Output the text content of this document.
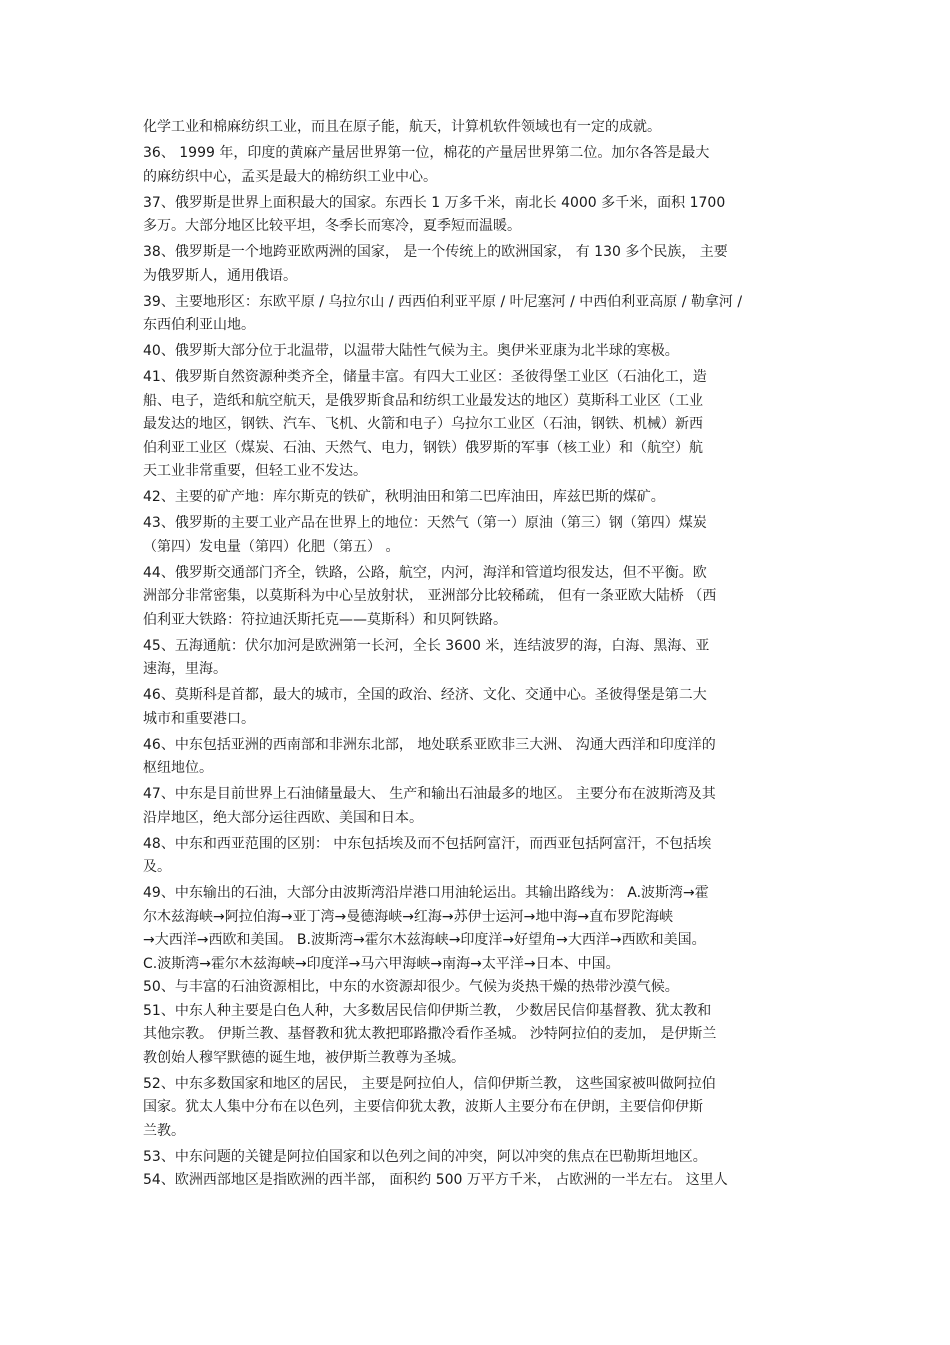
化学工业和棉麻纺织工业，而且在原子能，航天，计算机软件领域也有一定的成就。
36、 1999 年，印度的黄麻产量居世界第一位，棉花的产量居世界第二位。加尔各答是最大
的麻纺织中心，孟买是最大的棉纺织工业中心。
37、俄罗斯是世界上面积最大的国家。东西长 1 万多千米，南北长 4000 多千米，面积 1700
多万。大部分地区比较平坦，冬季长而寒冷，夏季短而温暖。
38、俄罗斯是一个地跨亚欧两洲的国家， 是一个传统上的欧洲国家， 有 130 多个民族， 主要
为俄罗斯人，通用俄语。
39、主要地形区：东欧平原 / 乌拉尔山 / 西西伯利亚平原 / 叶尼塞河 / 中西伯利亚高原 / 勒拿河 /
东西伯利亚山地。
40、俄罗斯大部分位于北温带，以温带大陆性气候为主。奥伊米亚康为北半球的寒极。
41、俄罗斯自然资源种类齐全，储量丰富。有四大工业区：圣彼得堡工业区（石油化工，造
船、电子，造纸和航空航天，是俄罗斯食品和纺织工业最发达的地区）莫斯科工业区（工业
最发达的地区，钢铁、汽车、飞机、火箭和电子）乌拉尔工业区（石油，钢铁、机械）新西
伯利亚工业区（煤炭、石油、天然气、电力，钢铁）俄罗斯的军事（核工业）和（航空）航
天工业非常重要，但轻工业不发达。
42、主要的矿产地：库尔斯克的铁矿，秋明油田和第二巴库油田，库兹巴斯的煤矿。
43、俄罗斯的主要工业产品在世界上的地位：天然气（第一）原油（第三）钢（第四）煤炭
（第四）发电量（第四）化肥（第五） 。
44、俄罗斯交通部门齐全，铁路，公路，航空，内河，海洋和管道均很发达，但不平衡。欧
洲部分非常密集，以莫斯科为中心呈放射状， 亚洲部分比较稀疏， 但有一条亚欧大陆桥 （西
伯利亚大铁路：符拉迪沃斯托克——莫斯科）和贝阿铁路。
45、五海通航：伏尔加河是欧洲第一长河，全长 3600 米，连结波罗的海，白海、黑海、亚
速海，里海。
46、莫斯科是首都，最大的城市，全国的政治、经济、文化、交通中心。圣彼得堡是第二大
城市和重要港口。
46、中东包括亚洲的西南部和非洲东北部， 地处联系亚欧非三大洲、 沟通大西洋和印度洋的
枢纽地位。
47、中东是目前世界上石油储量最大、 生产和输出石油最多的地区。 主要分布在波斯湾及其
沿岸地区，绝大部分运往西欧、美国和日本。
48、中东和西亚范围的区别： 中东包括埃及而不包括阿富汗，而西亚包括阿富汗，不包括埃
及。
49、中东输出的石油，大部分由波斯湾沿岸港口用油轮运出。其输出路线为： A.波斯湾→霍
尔木兹海峡→阿拉伯海→亚丁湾→曼德海峡→红海→苏伊士运河→地中海→直布罗陀海峡
→大西洋→西欧和美国。 B.波斯湾→霍尔木兹海峡→印度洋→好望角→大西洋→西欧和美国。
C.波斯湾→霍尔木兹海峡→印度洋→马六甲海峡→南海→太平洋→日本、中国。
50、与丰富的石油资源相比，中东的水资源却很少。气候为炎热干燥的热带沙漠气候。
51、中东人种主要是白色人种，大多数居民信仰伊斯兰教， 少数居民信仰基督教、犹太教和
其他宗教。 伊斯兰教、基督教和犹太教把耶路撒冷看作圣城。 沙特阿拉伯的麦加， 是伊斯兰
教创始人穆罕默德的诞生地，被伊斯兰教尊为圣城。
52、中东多数国家和地区的居民， 主要是阿拉伯人，信仰伊斯兰教， 这些国家被叫做阿拉伯
国家。犹太人集中分布在以色列，主要信仰犹太教，波斯人主要分布在伊朗，主要信仰伊斯
兰教。
53、中东问题的关键是阿拉伯国家和以色列之间的冲突，阿以冲突的焦点在巴勒斯坦地区。
54、欧洲西部地区是指欧洲的西半部， 面积约 500 万平方千米， 占欧洲的一半左右。 这里人
